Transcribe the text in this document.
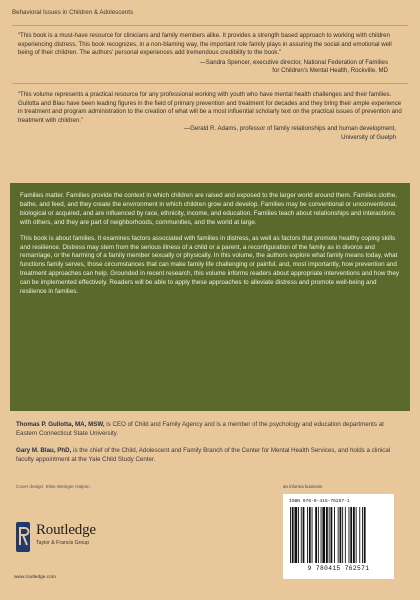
Behavioral Issues in Children & Adolescents
“This book is a must-have resource for clinicians and family members alike. It provides a strength based approach to working with children experiencing distress. This book recognizes, in a non-blaming way, the important role family plays in assuring the social and emotional well being of their children. The authors’ personal experiences add tremendous credibility to the book.”
—Sandra Spencer, executive director, National Federation of Families
for Children’s Mental Health, Rockville, MD
“This volume represents a practical resource for any professional working with youth who have mental health challenges and their families. Gullotta and Blau have been leading figures in the field of primary prevention and treatment for decades and they bring their ample experience in treatment and program administration to the creation of what will be a most influential scholarly text on the practical issues of prevention and treatment with children.”
—Gerald R. Adams, professor of family relationships and human development,
University of Guelph

Families matter. Families provide the context in which children are raised and exposed to the larger world around them. Families clothe, bathe, and feed, and they create the environment in which children grow and develop. Families may be conventional or unconventional, biological or acquired, and are influenced by race, ethnicity, income, and education. Families teach about relationships and interactions with others, and they are part of neighborhoods, communities, and the world at large.

This book is about families. It examines factors associated with families in distress, as well as factors that promote healthy coping skills and resilience. Distress may stem from the serious illness of a child or a parent, a reconfiguration of the family as in divorce and remarriage, or the harming of a family member sexually or physically. In this volume, the authors explore what family means today, what functions family serves, those circumstances that can make family life challenging or painful, and, most importantly, how prevention and treatment approaches can help. Grounded in recent research, this volume informs readers about appropriate interventions and how they can be implemented effectively. Readers will be able to apply these approaches to alleviate distress and promote well-being and resilience in families.

Thomas P. Gullotta, MA, MSW, is CEO of Child and Family Agency and is a member of the psychology and education departments at Eastern Connecticut State University.
Gary M. Blau, PhD, is the chief of the Child, Adolescent and Family Branch of the Center for Mental Health Services, and holds a clinical faculty appointment at the Yale Child Study Center.
Cover design: Elise Weinger Halprin	an informa business
Routledge
Taylor & Francis Group
www.routledge.com
ISBN 978-0-415-76257-1
9 780415 762571
